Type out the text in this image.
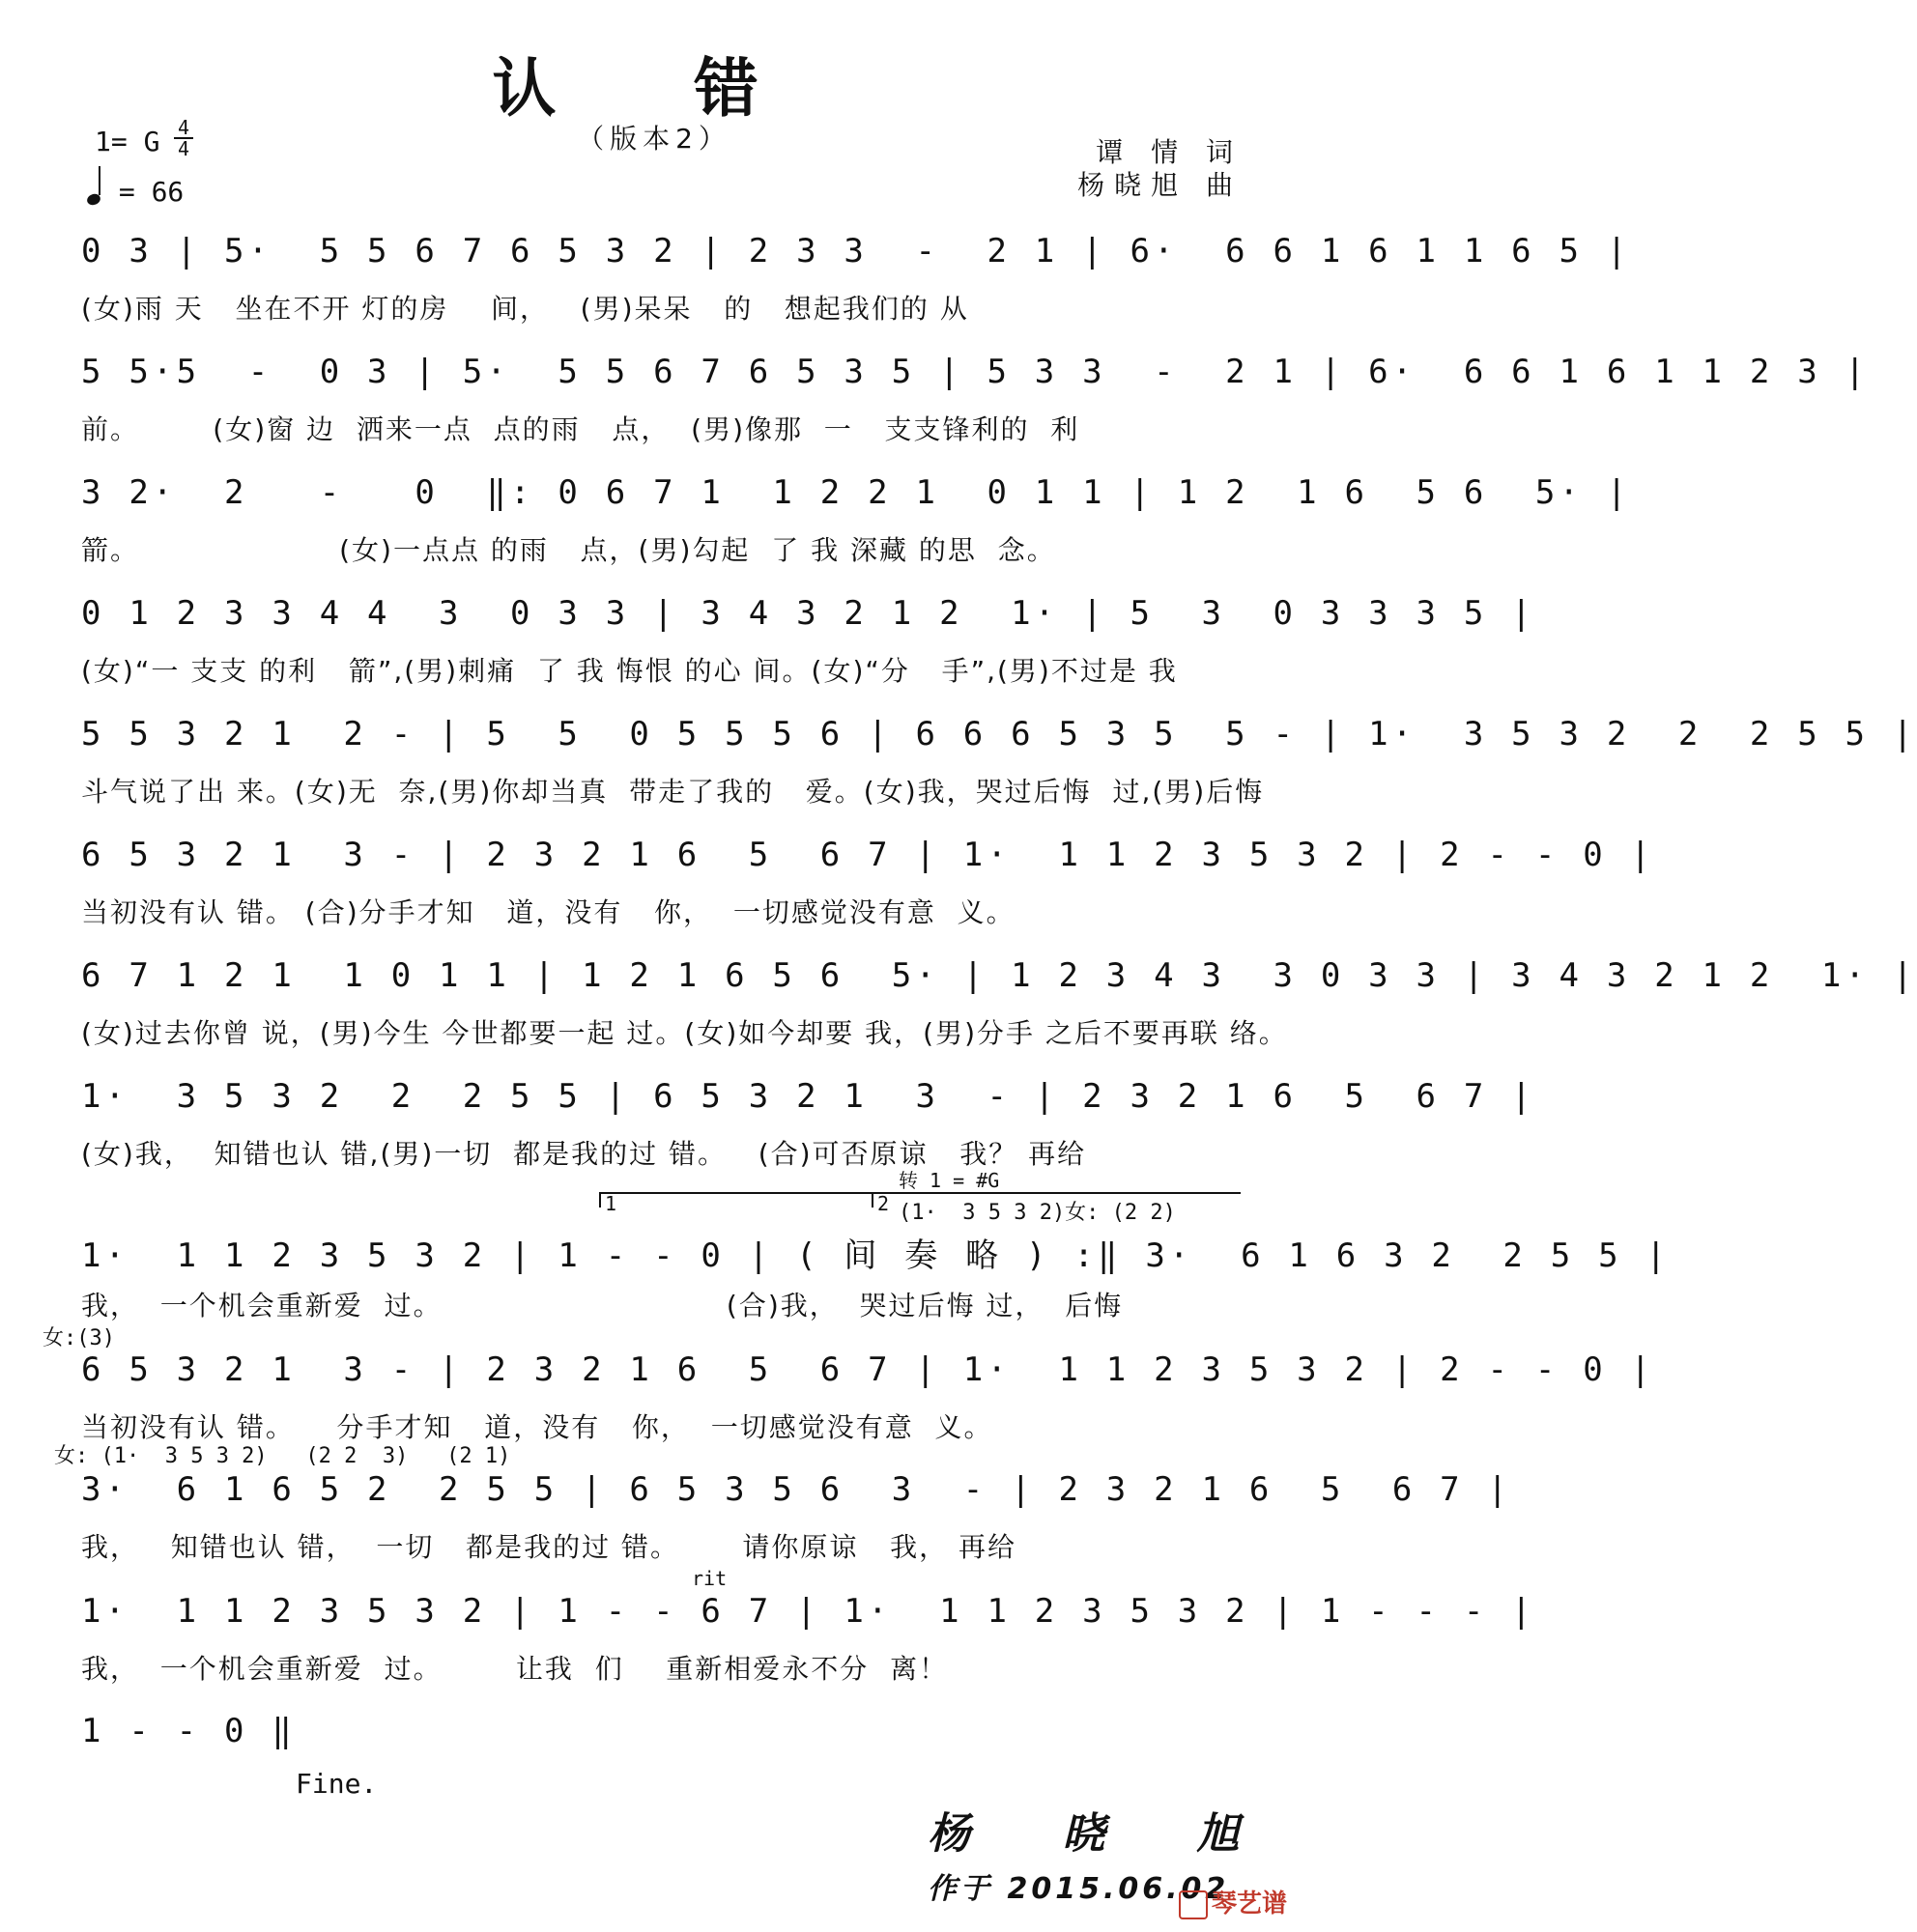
认 错
（版本2）
1= G 4
4
= 66
谭 情 词
杨晓旭 曲
0 3 | 5·  5 5 6 7 6 5 3 2 | 2 3 3  -  2 1 | 6·  6 6 1 6 1 1 6 5 |
(女)雨 天   坐在不开 灯的房    间，   (男)呆呆   的   想起我们的 从
5 5·5  -  0 3 | 5·  5 5 6 7 6 5 3 5 | 5 3 3  -  2 1 | 6·  6 6 1 6 1 1 2 3 |
前。       (女)窗 边  洒来一点  点的雨   点，  (男)像那  一   支支锋利的  利
3 2·  2   -   0  ‖: 0 6 7 1  1 2 2 1  0 1 1 | 1 2  1 6  5 6  5· |
箭。                   (女)一点点 的雨   点，(男)勾起  了 我 深藏 的思  念。
0 1 2 3 3 4 4  3  0 3 3 | 3 4 3 2 1 2  1· | 5  3  0 3 3 3 5 |
(女)“一 支支 的利   箭”,(男)刺痛  了 我 悔恨 的心 间。(女)“分   手”,(男)不过是 我
5 5 3 2 1  2 - | 5  5  0 5 5 5 6 | 6 6 6 5 3 5  5 - | 1·  3 5 3 2  2  2 5 5 |
斗气说了出 来。(女)无  奈,(男)你却当真  带走了我的   爱。(女)我，哭过后悔  过,(男)后悔
6 5 3 2 1  3 - | 2 3 2 1 6  5  6 7 | 1·  1 1 2 3 5 3 2 | 2 - - 0 |
当初没有认 错。 (合)分手才知   道，没有   你，  一切感觉没有意  义。
6 7 1 2 1  1 0 1 1 | 1 2 1 6 5 6  5· | 1 2 3 4 3  3 0 3 3 | 3 4 3 2 1 2  1· |
(女)过去你曾 说，(男)今生 今世都要一起 过。(女)如今却要 我，(男)分手 之后不要再联 络。
1·  3 5 3 2  2  2 5 5 | 6 5 3 2 1  3  - | 2 3 2 1 6  5  6 7 |
(女)我，  知错也认 错,(男)一切  都是我的过 错。   (合)可否原谅   我？ 再给
转 1 = #G
1	2 (1·  3 5 3 2)女: (2 2)
1·  1 1 2 3 5 3 2 | 1 - - 0 | ( 间 奏 略 ) :‖ 3·  6 1 6 3 2  2 5 5 |
我，  一个机会重新爱  过。                           (合)我，  哭过后悔 过，  后悔
女:(3)
6 5 3 2 1  3 - | 2 3 2 1 6  5  6 7 | 1·  1 1 2 3 5 3 2 | 2 - - 0 |
当初没有认 错。    分手才知   道，没有   你，  一切感觉没有意  义。
女: (1·  3 5 3 2)   (2 2  3)   (2 1)
3·  6 1 6 5 2  2 5 5 | 6 5 3 5 6  3  - | 2 3 2 1 6  5  6 7 |
我，   知错也认 错，  一切   都是我的过 错。      请你原谅   我， 再给
rit
1·  1 1 2 3 5 3 2 | 1 - - 6 7 | 1·  1 1 2 3 5 3 2 | 1 - - - |
我，  一个机会重新爱  过。       让我  们    重新相爱永不分  离！
1 - - 0 ‖
Fine.
杨 晓 旭
作于 2015.06.02
琴艺谱
